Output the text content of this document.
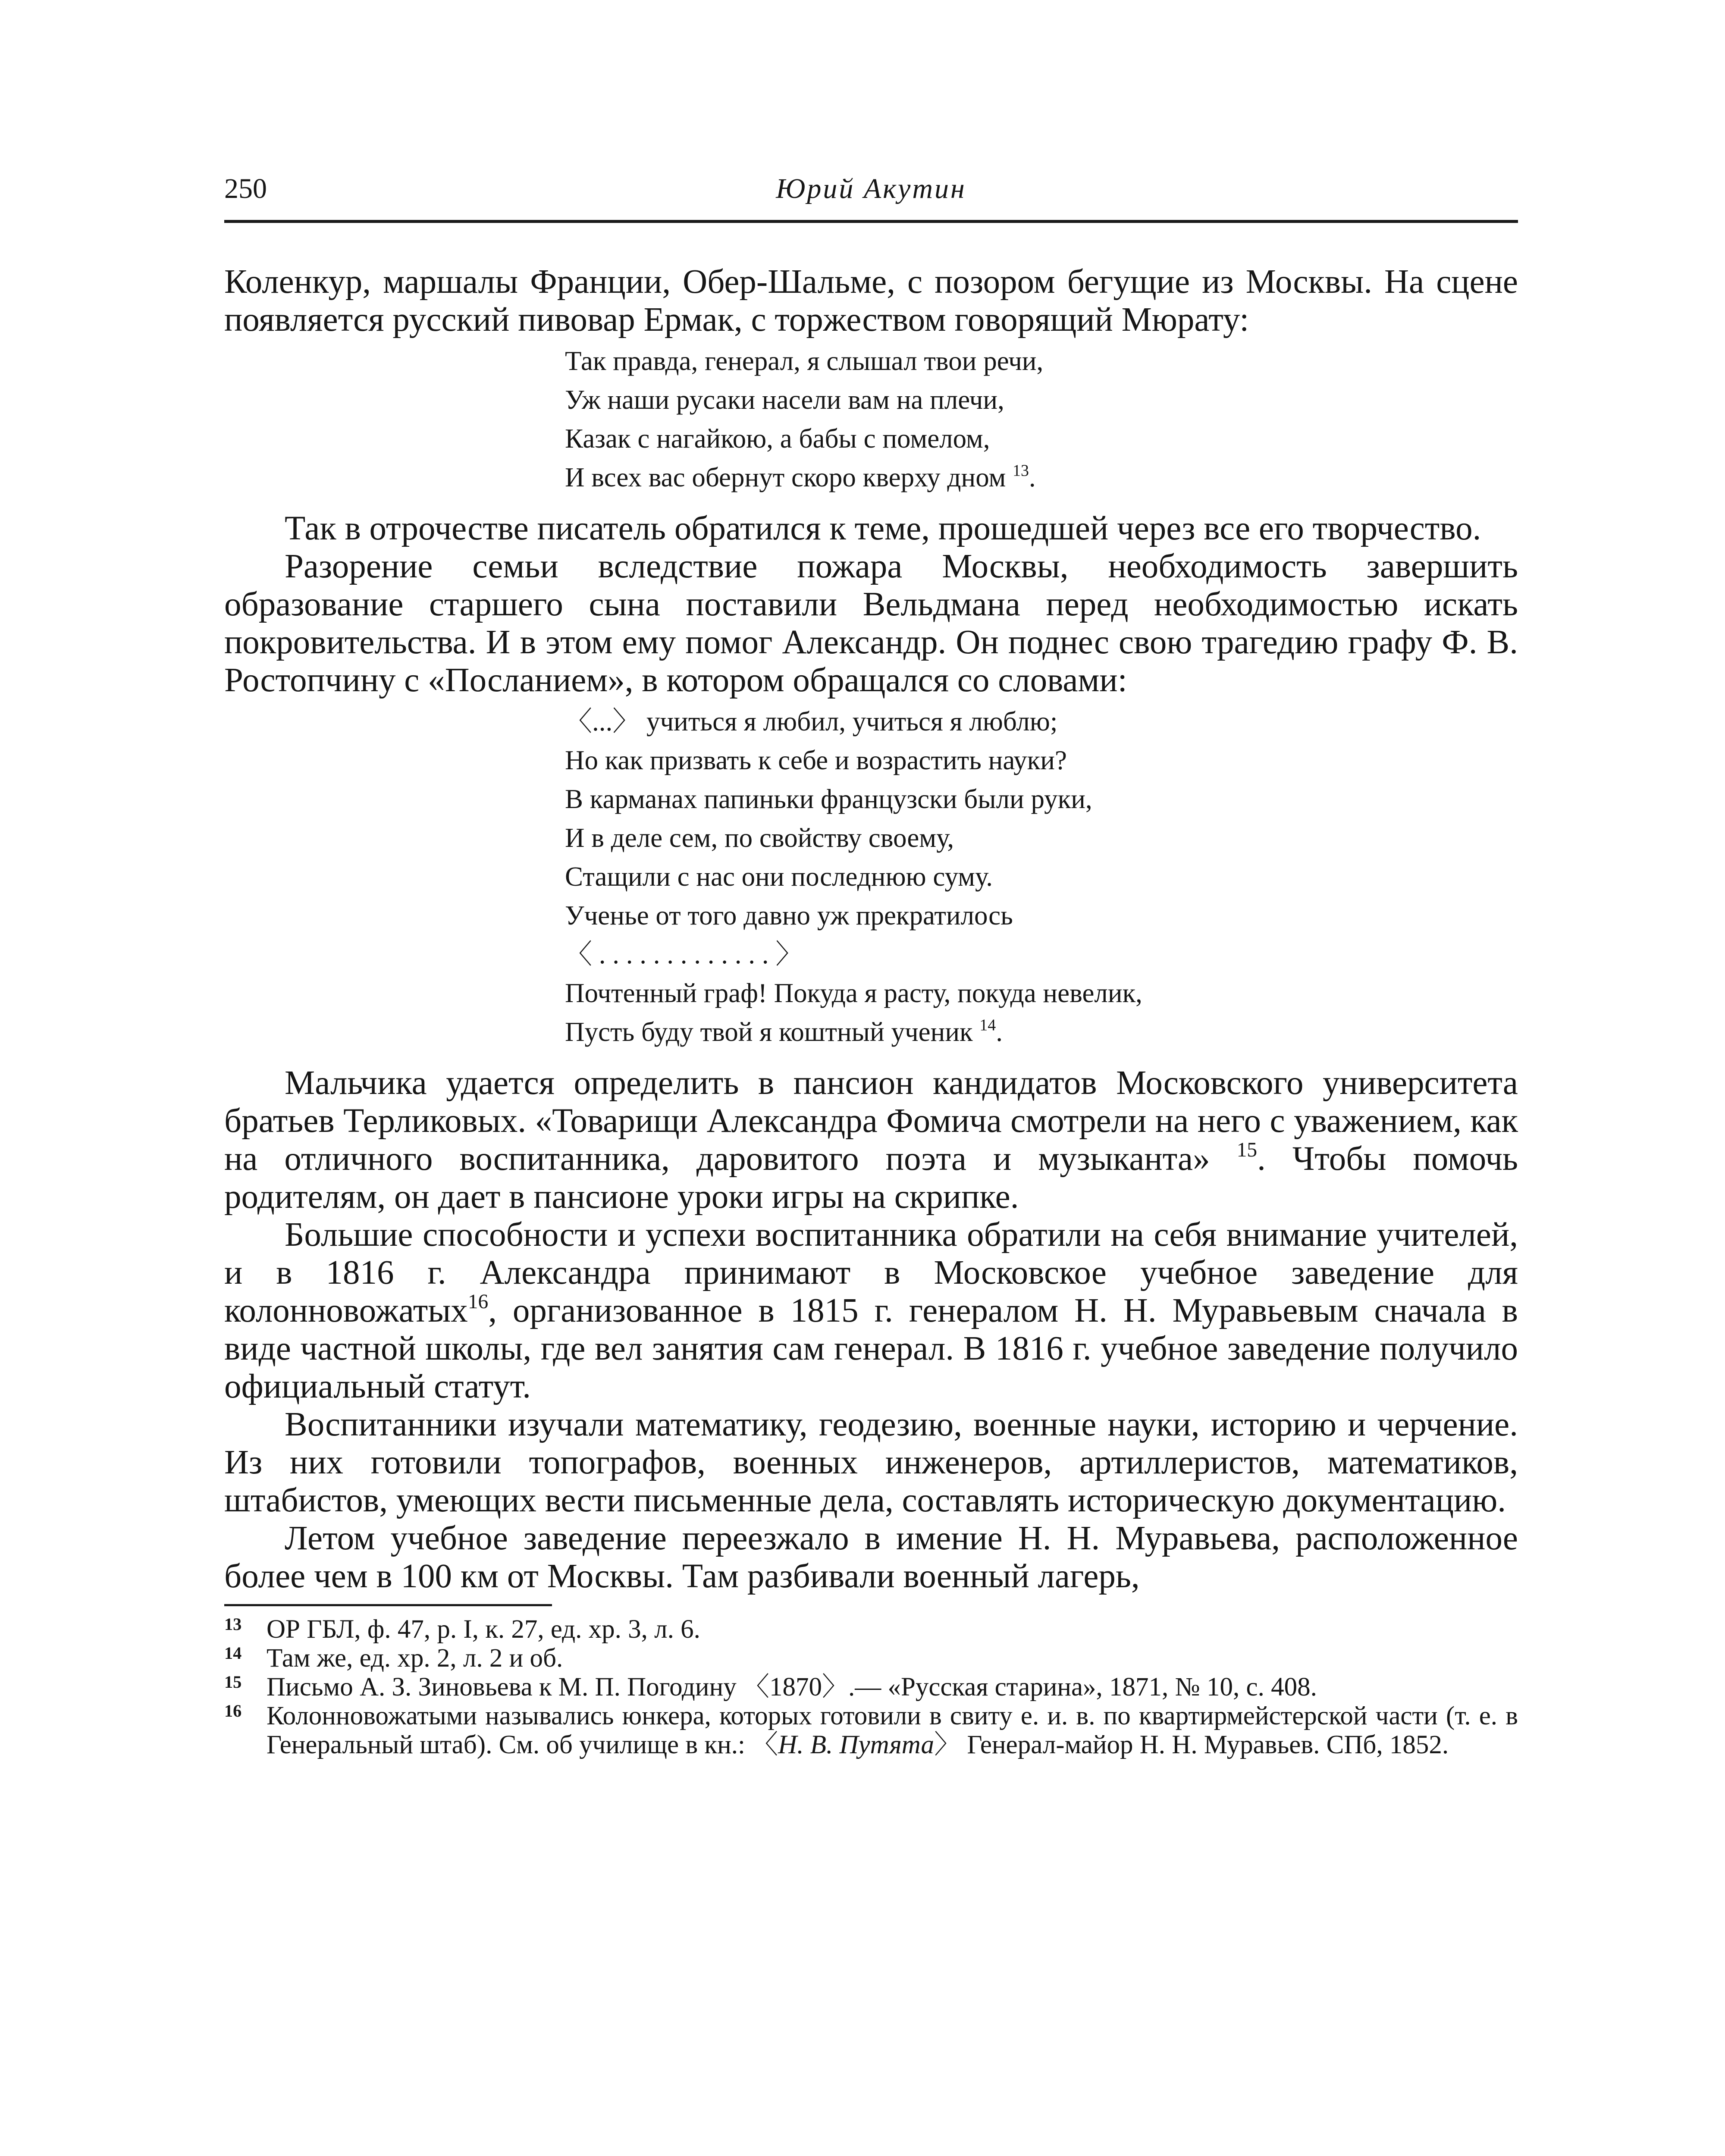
250	Юрий Акутин

Коленкур, маршалы Франции, Обер-Шальме, с позором бегущие из Москвы. На сцене появляется русский пивовар Ермак, с торжеством говорящий Мюрату:

Так правда, генерал, я слышал твои речи,
Уж наши русаки насели вам на плечи,
Казак с нагайкою, а бабы с помелом,
И всех вас обернут скоро кверху дном $^{13}$.

Так в отрочестве писатель обратился к теме, прошедшей через все его творчество.

Разорение семьи вследствие пожара Москвы, необходимость завершить образование старшего сына поставили Вельдмана перед необходимостью искать покровительства. И в этом ему помог Александр. Он поднес свою трагедию графу Ф. В. Ростопчину с «Посланием», в котором обращался со словами:

〈...〉 учиться я любил, учиться я люблю;
Но как призвать к себе и возрастить науки?
В карманах папиньки французски были руки,
И в деле сем, по свойству своему,
Стащили с нас они последнюю суму.
Ученье от того давно уж прекратилось
〈 . . . . . . . . . . . . . 〉
Почтенный граф! Покуда я расту, покуда невелик,
Пусть буду твой я коштный ученик $^{14}$.

Мальчика удается определить в пансион кандидатов Московского университета братьев Терликовых. «Товарищи Александра Фомича смотрели на него с уважением, как на отличного воспитанника, даровитого поэта и музыканта» $^{15}$. Чтобы помочь родителям, он дает в пансионе уроки игры на скрипке.

Большие способности и успехи воспитанника обратили на себя внимание учителей, и в 1816 г. Александра принимают в Московское учебное заведение для колонновожатых$^{16}$, организованное в 1815 г. генералом Н. Н. Муравьевым сначала в виде частной школы, где вел занятия сам генерал. В 1816 г. учебное заведение получило официальный статут.

Воспитанники изучали математику, геодезию, военные науки, историю и черчение. Из них готовили топографов, военных инженеров, артиллеристов, математиков, штабистов, умеющих вести письменные дела, составлять историческую документацию.

Летом учебное заведение переезжало в имение Н. Н. Муравьева, расположенное более чем в 100 км от Москвы. Там разбивали военный лагерь,

13 ОР ГБЛ, ф. 47, р. I, к. 27, ед. хр. 3, л. 6.

14 Там же, ед. хр. 2, л. 2 и об.

15 Письмо А. З. Зиновьева к М. П. Погодину 〈1870〉.— «Русская старина», 1871, № 10, с. 408.

16 Колонновожатыми назывались юнкера, которых готовили в свиту е. и. в. по квартирмейстерской части (т. е. в Генеральный штаб). См. об училище в кн.: 〈Н. В. Путята〉 Генерал-майор Н. Н. Муравьев. СПб, 1852.
